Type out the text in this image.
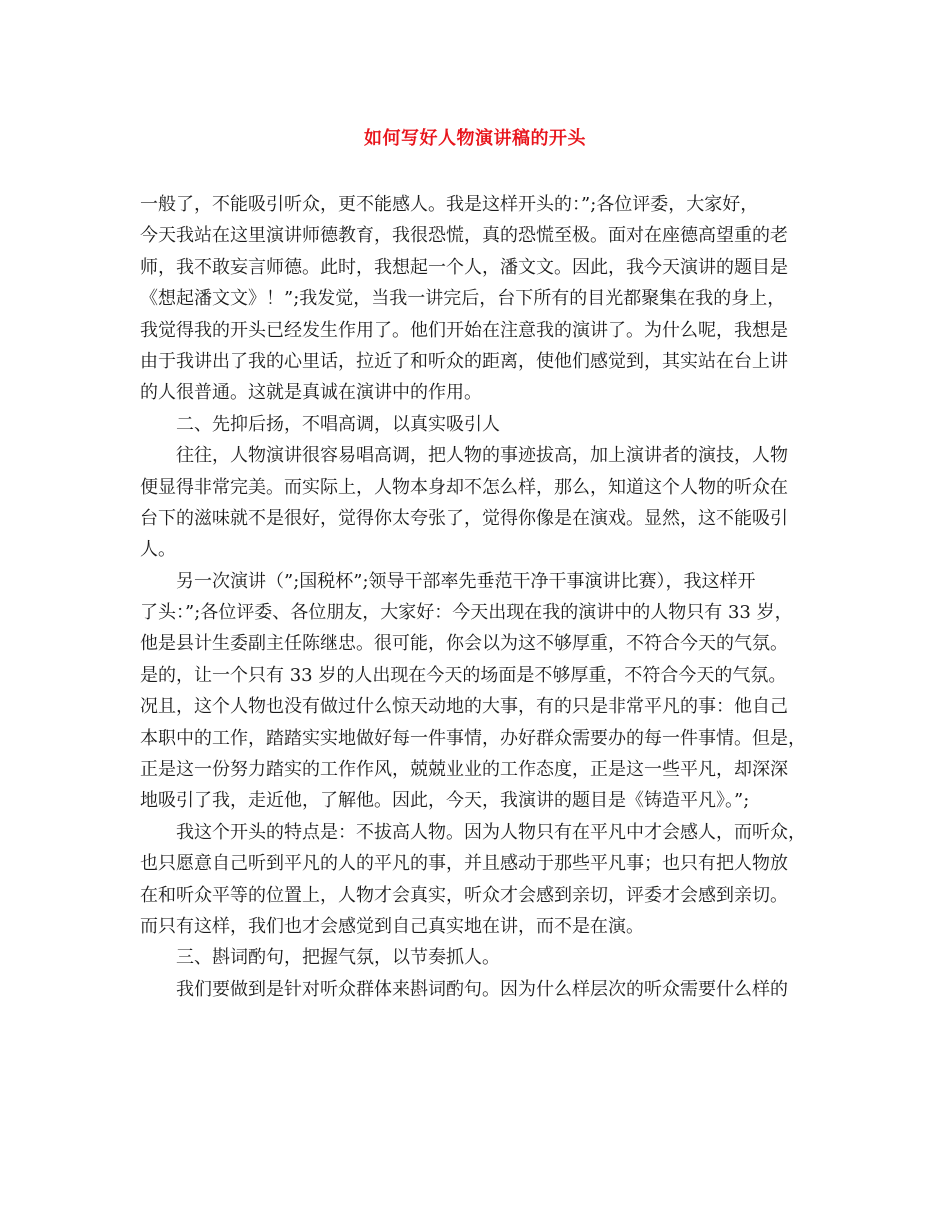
如何写好人物演讲稿的开头
一般了，不能吸引听众，更不能感人。我是这样开头的：”;各位评委，大家好，
今天我站在这里演讲师德教育，我很恐慌，真的恐慌至极。面对在座德高望重的老
师，我不敢妄言师德。此时，我想起一个人，潘文文。因此，我今天演讲的题目是
《想起潘文文》！”;我发觉，当我一讲完后，台下所有的目光都聚集在我的身上，
我觉得我的开头已经发生作用了。他们开始在注意我的演讲了。为什么呢，我想是
由于我讲出了我的心里话，拉近了和听众的距离，使他们感觉到，其实站在台上讲
的人很普通。这就是真诚在演讲中的作用。
二、先抑后扬，不唱高调，以真实吸引人
往往，人物演讲很容易唱高调，把人物的事迹拔高，加上演讲者的演技，人物
便显得非常完美。而实际上，人物本身却不怎么样，那么，知道这个人物的听众在
台下的滋味就不是很好，觉得你太夸张了，觉得你像是在演戏。显然，这不能吸引
人。
另一次演讲（”;国税杯”;领导干部率先垂范干净干事演讲比赛），我这样开
了头：”;各位评委、各位朋友，大家好：今天出现在我的演讲中的人物只有 33 岁，
他是县计生委副主任陈继忠。很可能，你会以为这不够厚重，不符合今天的气氛。
是的，让一个只有 33 岁的人出现在今天的场面是不够厚重，不符合今天的气氛。
况且，这个人物也没有做过什么惊天动地的大事，有的只是非常平凡的事：他自己
本职中的工作，踏踏实实地做好每一件事情，办好群众需要办的每一件事情。但是，
正是这一份努力踏实的工作作风，兢兢业业的工作态度，正是这一些平凡，却深深
地吸引了我，走近他，了解他。因此，今天，我演讲的题目是《铸造平凡》。”;
我这个开头的特点是：不拔高人物。因为人物只有在平凡中才会感人，而听众，
也只愿意自己听到平凡的人的平凡的事，并且感动于那些平凡事；也只有把人物放
在和听众平等的位置上，人物才会真实，听众才会感到亲切，评委才会感到亲切。
而只有这样，我们也才会感觉到自己真实地在讲，而不是在演。
三、斟词酌句，把握气氛，以节奏抓人。
我们要做到是针对听众群体来斟词酌句。因为什么样层次的听众需要什么样的
